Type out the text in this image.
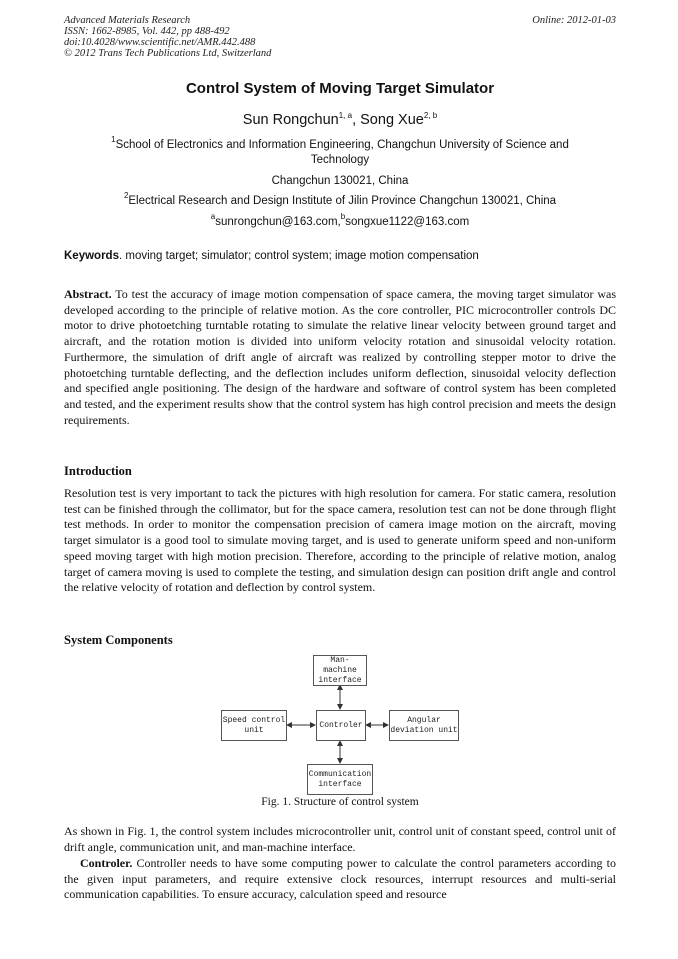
Advanced Materials Research
ISSN: 1662-8985, Vol. 442, pp 488-492
doi:10.4028/www.scientific.net/AMR.442.488
© 2012 Trans Tech Publications Ltd, Switzerland
Online: 2012-01-03
Control System of Moving Target Simulator
Sun Rongchun$^{1, a}$, Song Xue$^{2, b}$
$^1$School of Electronics and Information Engineering, Changchun University of Science and Technology
Changchun 130021, China
$^2$Electrical Research and Design Institute of Jilin Province Changchun 130021, China
$^a$sunrongchun@163.com,$^b$songxue1122@163.com
Keywords. moving target; simulator; control system; image motion compensation
Abstract. To test the accuracy of image motion compensation of space camera, the moving target simulator was developed according to the principle of relative motion. As the core controller, PIC microcontroller controls DC motor to drive photoetching turntable rotating to simulate the relative linear velocity between ground target and aircraft, and the rotation motion is divided into uniform velocity rotation and sinusoidal velocity rotation. Furthermore, the simulation of drift angle of aircraft was realized by controlling stepper motor to drive the photoetching turntable deflecting, and the deflection includes uniform deflection, sinusoidal velocity deflection and specified angle positioning. The design of the hardware and software of control system has been completed and tested, and the experiment results show that the control system has high control precision and meets the design requirements.
Introduction
Resolution test is very important to tack the pictures with high resolution for camera. For static camera, resolution test can be finished through the collimator, but for the space camera, resolution test can not be done through flight test methods. In order to monitor the compensation precision of camera image motion on the aircraft, moving target simulator is a good tool to simulate moving target, and is used to generate uniform speed and non-uniform speed moving target with high motion precision. Therefore, according to the principle of relative motion, analog target of camera moving is used to complete the testing, and simulation design can position drift angle and control the relative velocity of rotation and deflection by control system.
System Components
Man-machine
interface
Speed control
unit
Controler
Angular
deviation unit
Communication
interface
Fig. 1. Structure of control system
As shown in Fig. 1, the control system includes microcontroller unit, control unit of constant speed, control unit of drift angle, communication unit, and man-machine interface.
Controler. Controller needs to have some computing power to calculate the control parameters according to the given input parameters, and require extensive clock resources, interrupt resources and multi-serial communication capabilities. To ensure accuracy, calculation speed and resource
